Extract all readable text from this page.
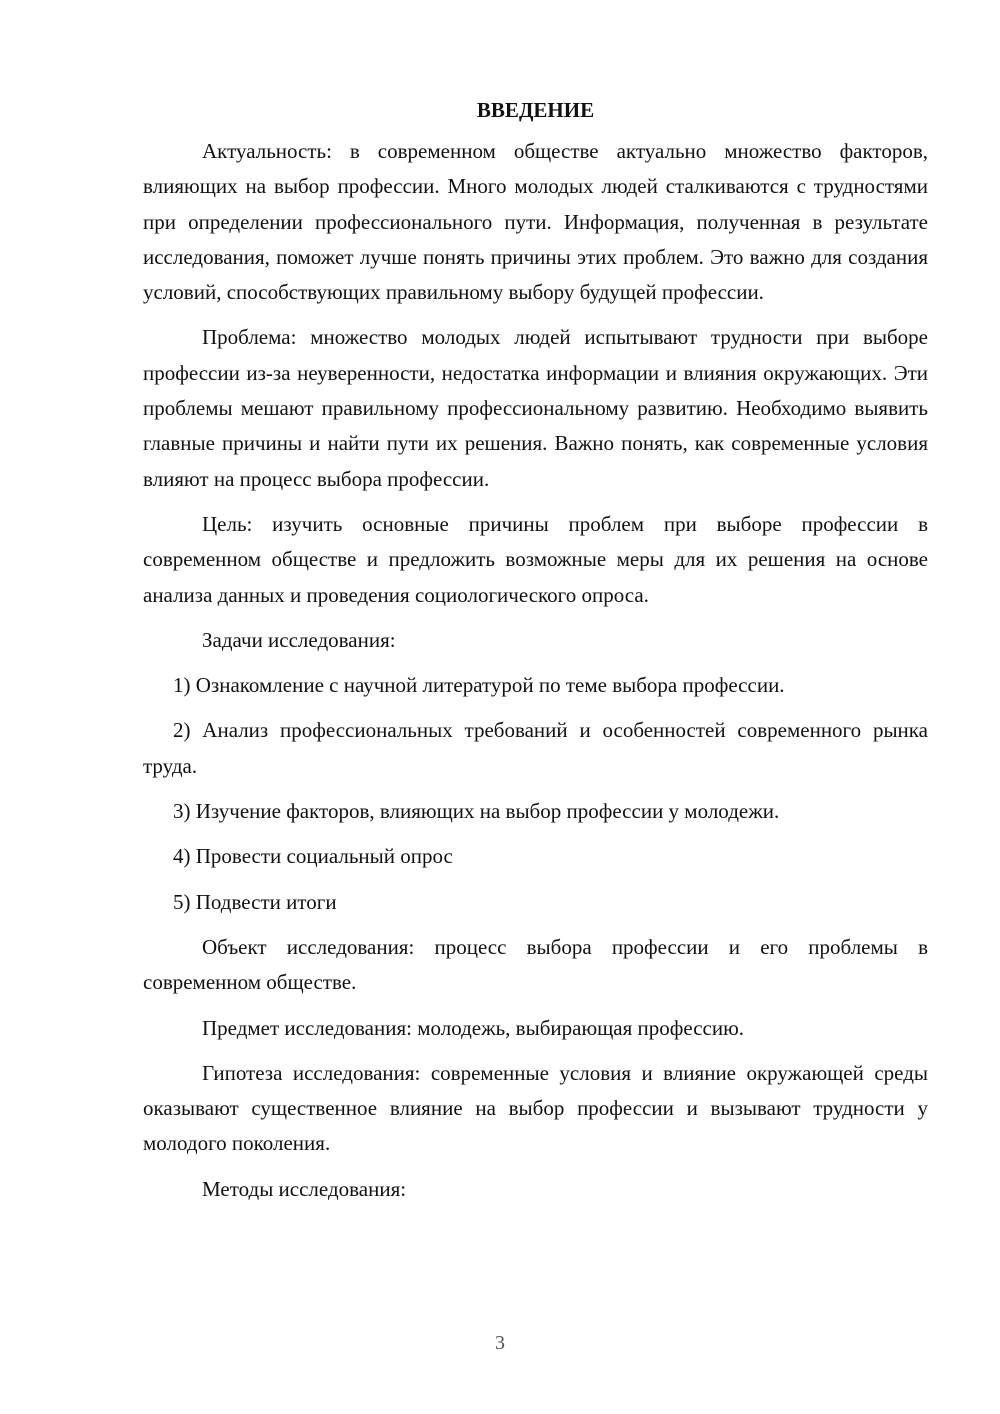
ВВЕДЕНИЕ

Актуальность: в современном обществе актуально множество факторов, влияющих на выбор профессии. Много молодых людей сталкиваются с трудностями при определении профессионального пути. Информация, полученная в результате исследования, поможет лучше понять причины этих проблем. Это важно для создания условий, способствующих правильному выбору будущей профессии.

Проблема: множество молодых людей испытывают трудности при выборе профессии из-за неуверенности, недостатка информации и влияния окружающих. Эти проблемы мешают правильному профессиональному развитию. Необходимо выявить главные причины и найти пути их решения. Важно понять, как современные условия влияют на процесс выбора профессии.

Цель: изучить основные причины проблем при выборе профессии в современном обществе и предложить возможные меры для их решения на основе анализа данных и проведения социологического опроса.

Задачи исследования:

1) Ознакомление с научной литературой по теме выбора профессии.

2) Анализ профессиональных требований и особенностей современного рынка труда.

3) Изучение факторов, влияющих на выбор профессии у молодежи.

4) Провести социальный опрос

5) Подвести итоги

Объект исследования: процесс выбора профессии и его проблемы в современном обществе.

Предмет исследования: молодежь, выбирающая профессию.

Гипотеза исследования: современные условия и влияние окружающей среды оказывают существенное влияние на выбор профессии и вызывают трудности у молодого поколения.

Методы исследования:

3
